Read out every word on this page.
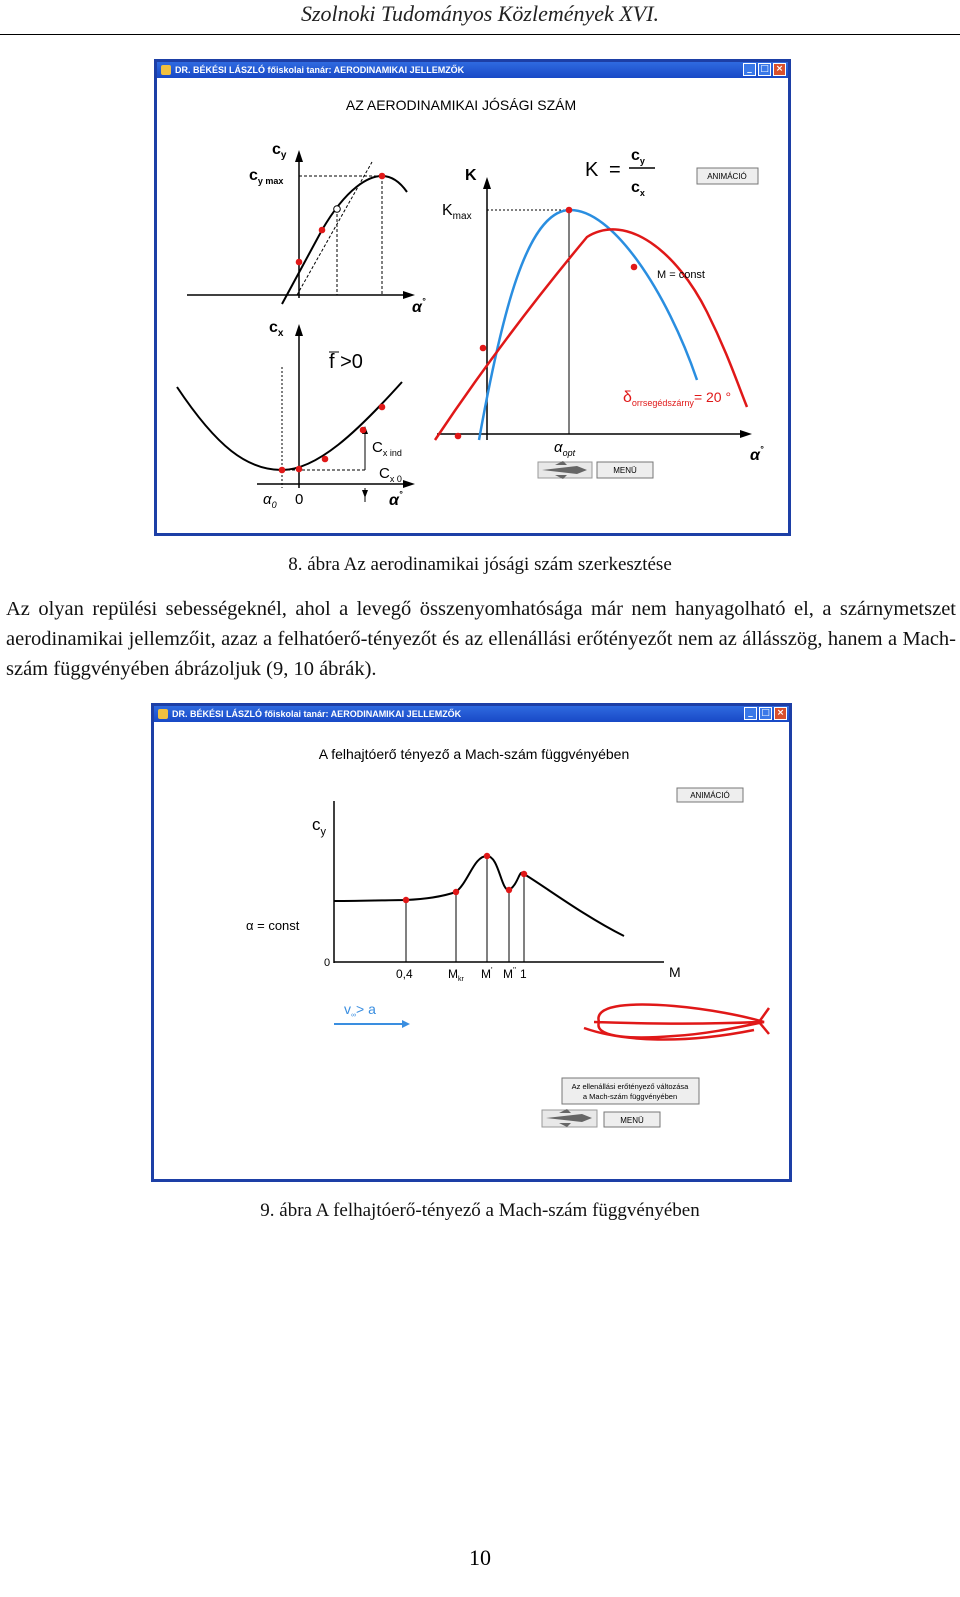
Szolnoki Tudományos Közlemények XVI.
DR. BÉKÉSI LÁSZLÓ főiskolai tanár: AERODINAMIKAI JELLEMZŐK	_ □ ×
AZ AERODINAMIKAI JÓSÁGI SZÁM
$c_y$
$c_{y max}$
α°
$c_x$
f >0
$C_{x ind}$
$C_{x 0}$
$\alpha_0$ 0	α°
K
$K_{max}$
K =
$c_y$
$c_x$
M = const
$\delta_{orrsegédszárny}= 20$ °
$\alpha_{opt}$	α°
ANIMÁCIÓ
MENÜ
8. ábra Az aerodinamikai jósági szám szerkesztése
Az olyan repülési sebességeknél, ahol a levegő összenyomhatósága már nem hanyagolható el, a szárnymetszet aerodinamikai jellemzőit, azaz a felhatóerő-tényezőt és az ellenállási erőtényezőt nem az állásszög, hanem a Mach-szám függvényében ábrázoljuk (9, 10 ábrák).
DR. BÉKÉSI LÁSZLÓ főiskolai tanár: AERODINAMIKAI JELLEMZŐK	_ □ ×
A felhajtóerő tényező a Mach-szám függvényében
ANIMÁCIÓ
$c_y$
α = const
0
M
0,4	$M_{kr}$ M' M'' 1
$v_\infty> a$
Az ellenállási erőtényező változása
a Mach-szám függvényében
MENÜ
9. ábra A felhajtóerő-tényező a Mach-szám függvényében
10
